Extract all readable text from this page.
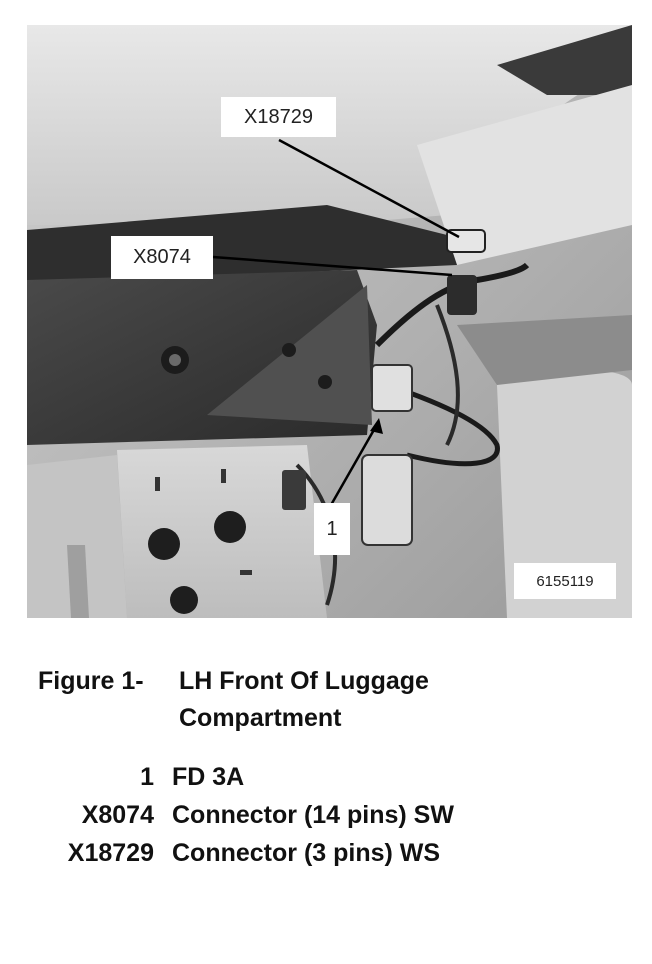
X18729
X8074
1
6155119
Figure 1- LH Front Of Luggage
Compartment
1 FD 3A
X8074 Connector (14 pins) SW
X18729 Connector (3 pins) WS
